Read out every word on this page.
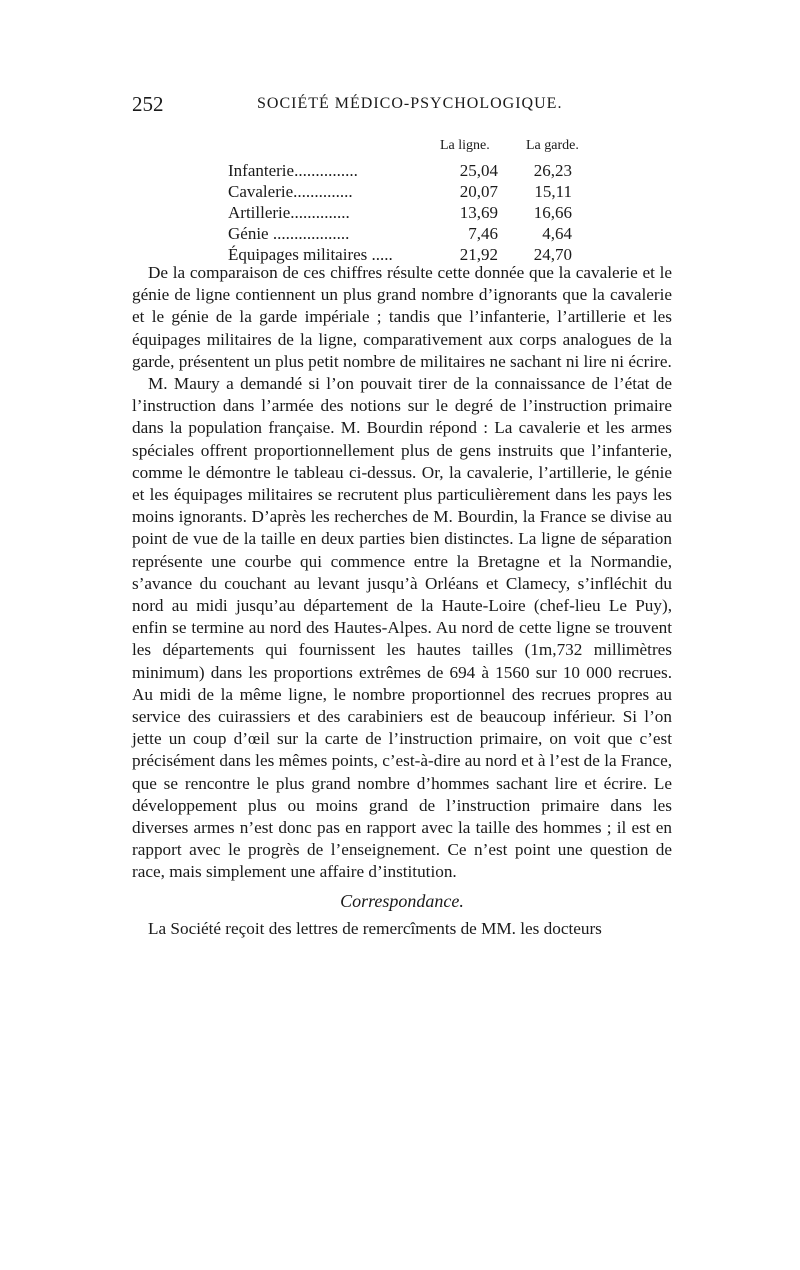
252	SOCIÉTÉ MÉDICO-PSYCHOLOGIQUE.
La ligne.	La garde.
Infanterie...............	25,04	26,23
Cavalerie..............	20,07	15,11
Artillerie..............	13,69	16,66
Génie ..................	7,46	4,64
Équipages militaires .....	21,92	24,70

De la comparaison de ces chiffres résulte cette donnée que la cavalerie et le génie de ligne contiennent un plus grand nombre d’ignorants que la cavalerie et le génie de la garde impériale ; tandis que l’infanterie, l’artillerie et les équipages militaires de la ligne, comparativement aux corps analogues de la garde, présentent un plus petit nombre de militaires ne sachant ni lire ni écrire.

M. Maury a demandé si l’on pouvait tirer de la connaissance de l’état de l’instruction dans l’armée des notions sur le degré de l’instruction primaire dans la population française. M. Bourdin répond : La cavalerie et les armes spéciales offrent proportionnellement plus de gens instruits que l’infanterie, comme le démontre le tableau ci-dessus. Or, la cavalerie, l’artillerie, le génie et les équipages militaires se recrutent plus particulièrement dans les pays les moins ignorants. D’après les recherches de M. Bourdin, la France se divise au point de vue de la taille en deux parties bien distinctes. La ligne de séparation représente une courbe qui commence entre la Bretagne et la Normandie, s’avance du couchant au levant jusqu’à Orléans et Clamecy, s’infléchit du nord au midi jusqu’au département de la Haute-Loire (chef-lieu Le Puy), enfin se termine au nord des Hautes-Alpes. Au nord de cette ligne se trouvent les départements qui fournissent les hautes tailles (1m,732 millimètres minimum) dans les proportions extrêmes de 694 à 1560 sur 10 000 recrues. Au midi de la même ligne, le nombre proportionnel des recrues propres au service des cuirassiers et des carabiniers est de beaucoup inférieur. Si l’on jette un coup d’œil sur la carte de l’instruction primaire, on voit que c’est précisément dans les mêmes points, c’est-à-dire au nord et à l’est de la France, que se rencontre le plus grand nombre d’hommes sachant lire et écrire. Le développement plus ou moins grand de l’instruction primaire dans les diverses armes n’est donc pas en rapport avec la taille des hommes ; il est en rapport avec le progrès de l’enseignement. Ce n’est point une question de race, mais simplement une affaire d’institution.

Correspondance.

La Société reçoit des lettres de remercîments de MM. les docteurs
